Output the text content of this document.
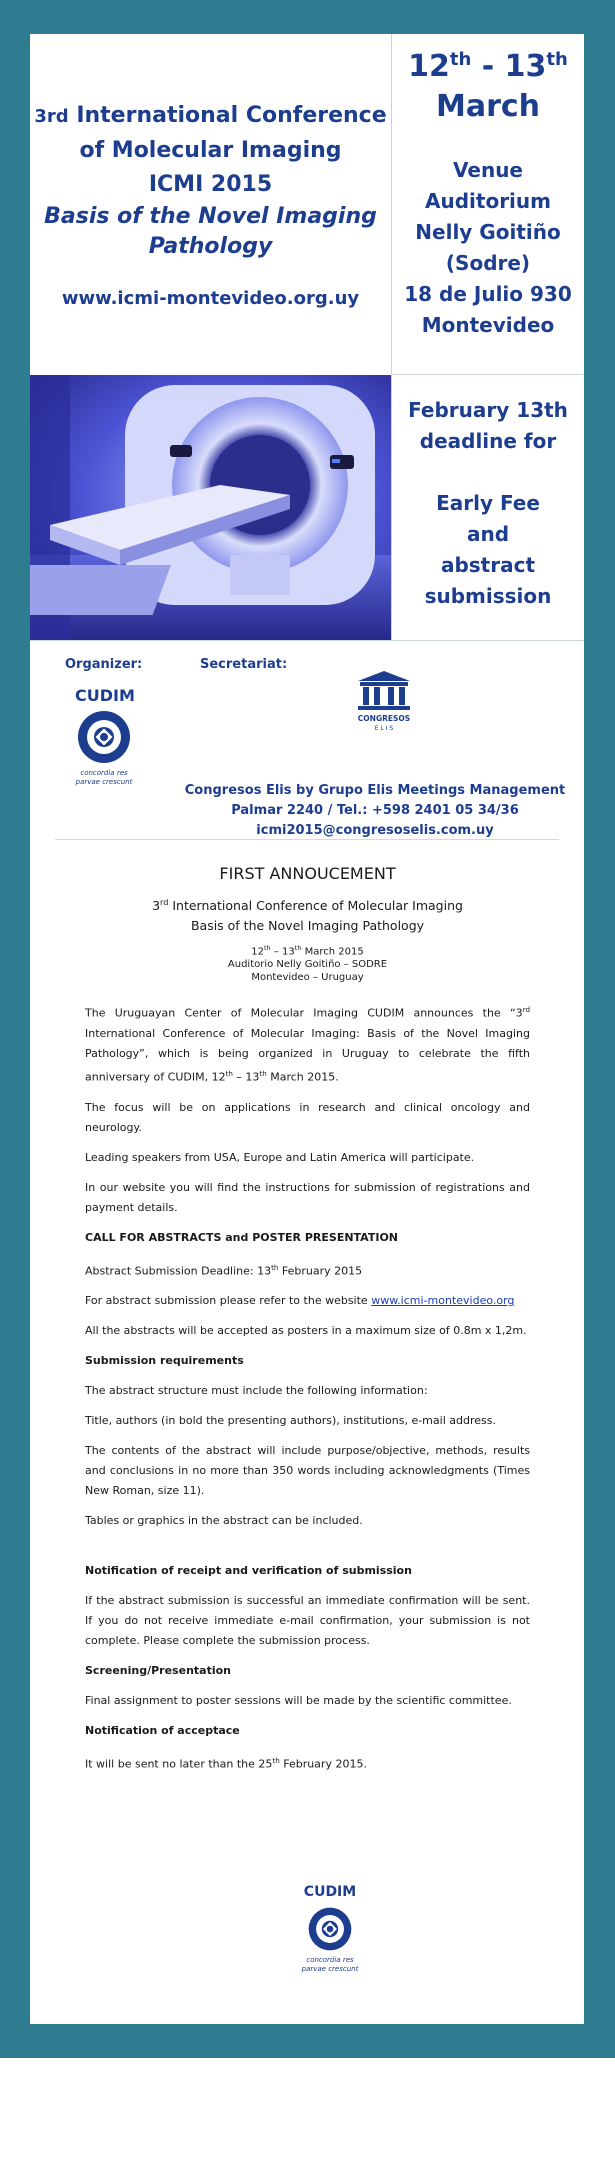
3rd International Conference
of Molecular Imaging
ICMI 2015
Basis of the Novel Imaging
Pathology
www.icmi-montevideo.org.uy
12th - 13th
March
Venue
Auditorium
Nelly Goitiño
(Sodre)
18 de Julio 930
Montevideo
February 13th
deadline for
Early Fee
and
abstract
submission
Organizer:	Secretariat:
CUDIM
concordia res
parvae crescunt
CONGRESOS
E L I S
Congresos Elis by Grupo Elis Meetings Management
Palmar 2240 / Tel.: +598 2401 05 34/36
icmi2015@congresoselis.com.uy
FIRST ANNOUCEMENT
3rd International Conference of Molecular Imaging
Basis of the Novel Imaging Pathology
12th – 13th March 2015
Auditorio Nelly Goitiño – SODRE
Montevideo – Uruguay

The Uruguayan Center of Molecular Imaging CUDIM announces the “3rd International Conference of Molecular Imaging: Basis of the Novel Imaging Pathology”, which is being organized in Uruguay to celebrate the fifth anniversary of CUDIM, 12th – 13th March 2015.

The focus will be on applications in research and clinical oncology and neurology.

Leading speakers from USA, Europe and Latin America will participate.

In our website you will find the instructions for submission of registrations and payment details.

CALL FOR ABSTRACTS and POSTER PRESENTATION

Abstract Submission Deadline: 13th February 2015

For abstract submission please refer to the website www.icmi-montevideo.org

All the abstracts will be accepted as posters in a maximum size of 0.8m x 1,2m.

Submission requirements

The abstract structure must include the following information:

Title, authors (in bold the presenting authors), institutions, e-mail address.

The contents of the abstract will include purpose/objective, methods, results and conclusions in no more than 350 words including acknowledgments (Times New Roman, size 11).

Tables or graphics in the abstract can be included.

Notification of receipt and verification of submission

If the abstract submission is successful an immediate confirmation will be sent. If you do not receive immediate e-mail confirmation, your submission is not complete. Please complete the submission process.

Screening/Presentation

Final assignment to poster sessions will be made by the scientific committee.

Notification of acceptace

It will be sent no later than the 25th February 2015.

CUDIM
concordia res
parvae crescunt
